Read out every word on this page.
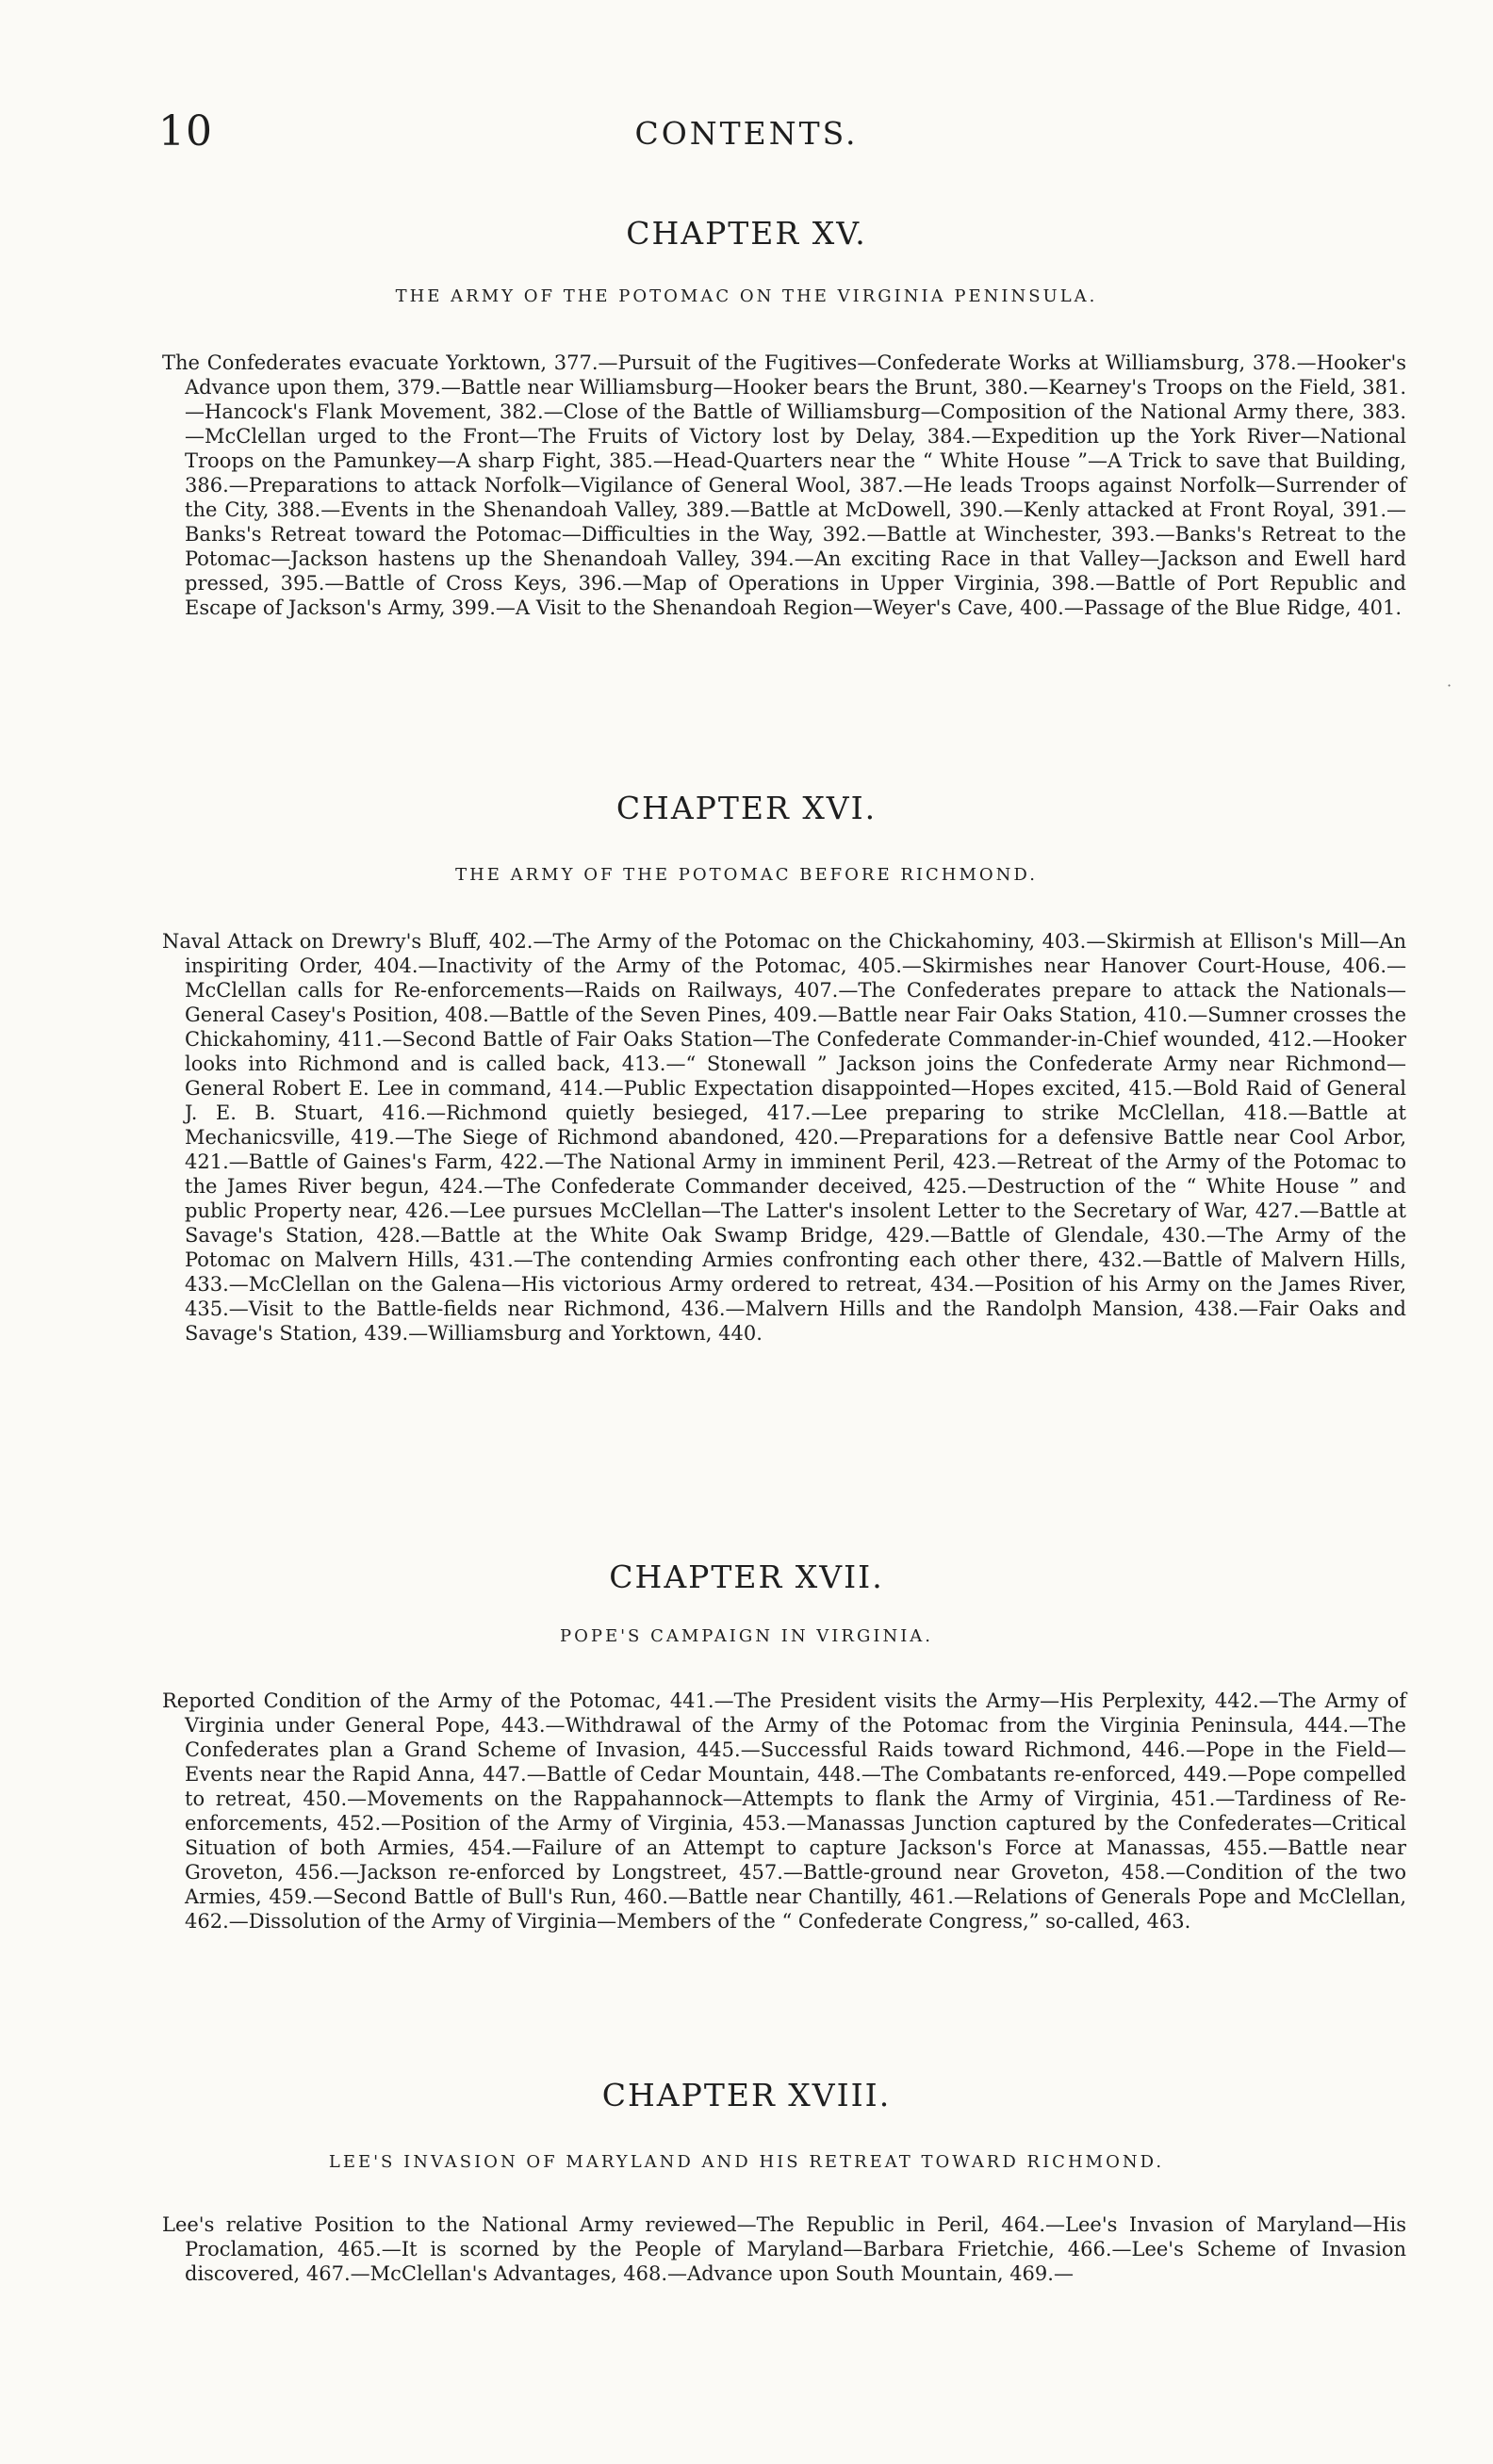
10	CONTENTS.
CHAPTER XV.
THE ARMY OF THE POTOMAC ON THE VIRGINIA PENINSULA.

The Confederates evacuate Yorktown, 377.—Pursuit of the Fugitives—Confederate Works at Williamsburg, 378.—Hooker's Advance upon them, 379.—Battle near Williamsburg—Hooker bears the Brunt, 380.—Kearney's Troops on the Field, 381.—Hancock's Flank Movement, 382.—Close of the Battle of Williamsburg—Composition of the National Army there, 383.—McClellan urged to the Front—The Fruits of Victory lost by Delay, 384.—Expedition up the York River—National Troops on the Pamunkey—A sharp Fight, 385.—Head-Quarters near the “ White House ”—A Trick to save that Building, 386.—Preparations to attack Norfolk—Vigilance of General Wool, 387.—He leads Troops against Norfolk—Surrender of the City, 388.—Events in the Shenandoah Valley, 389.—Battle at McDowell, 390.—Kenly attacked at Front Royal, 391.—Banks's Retreat toward the Potomac—Difficulties in the Way, 392.—Battle at Winchester, 393.—Banks's Retreat to the Potomac—Jackson hastens up the Shenandoah Valley, 394.—An exciting Race in that Valley—Jackson and Ewell hard pressed, 395.—Battle of Cross Keys, 396.—Map of Operations in Upper Virginia, 398.—Battle of Port Republic and Escape of Jackson's Army, 399.—A Visit to the Shenandoah Region—Weyer's Cave, 400.—Passage of the Blue Ridge, 401.

CHAPTER XVI.
THE ARMY OF THE POTOMAC BEFORE RICHMOND.

Naval Attack on Drewry's Bluff, 402.—The Army of the Potomac on the Chickahominy, 403.—Skirmish at Ellison's Mill—An inspiriting Order, 404.—Inactivity of the Army of the Potomac, 405.—Skirmishes near Hanover Court-House, 406.—McClellan calls for Re-enforcements—Raids on Railways, 407.—The Confederates prepare to attack the Nationals—General Casey's Position, 408.—Battle of the Seven Pines, 409.—Battle near Fair Oaks Station, 410.—Sumner crosses the Chickahominy, 411.—Second Battle of Fair Oaks Station—The Confederate Commander-in-Chief wounded, 412.—Hooker looks into Richmond and is called back, 413.—“ Stonewall ” Jackson joins the Confederate Army near Richmond—General Robert E. Lee in command, 414.—Public Expectation disappointed—Hopes excited, 415.—Bold Raid of General J. E. B. Stuart, 416.—Richmond quietly besieged, 417.—Lee preparing to strike McClellan, 418.—Battle at Mechanicsville, 419.—The Siege of Richmond abandoned, 420.—Preparations for a defensive Battle near Cool Arbor, 421.—Battle of Gaines's Farm, 422.—The National Army in imminent Peril, 423.—Retreat of the Army of the Potomac to the James River begun, 424.—The Confederate Commander deceived, 425.—Destruction of the “ White House ” and public Property near, 426.—Lee pursues McClellan—The Latter's insolent Letter to the Secretary of War, 427.—Battle at Savage's Station, 428.—Battle at the White Oak Swamp Bridge, 429.—Battle of Glendale, 430.—The Army of the Potomac on Malvern Hills, 431.—The contending Armies confronting each other there, 432.—Battle of Malvern Hills, 433.—McClellan on the Galena—His victorious Army ordered to retreat, 434.—Position of his Army on the James River, 435.—Visit to the Battle-fields near Richmond, 436.—Malvern Hills and the Randolph Mansion, 438.—Fair Oaks and Savage's Station, 439.—Williamsburg and Yorktown, 440.

CHAPTER XVII.
POPE'S CAMPAIGN IN VIRGINIA.

Reported Condition of the Army of the Potomac, 441.—The President visits the Army—His Perplexity, 442.—The Army of Virginia under General Pope, 443.—Withdrawal of the Army of the Potomac from the Virginia Peninsula, 444.—The Confederates plan a Grand Scheme of Invasion, 445.—Successful Raids toward Richmond, 446.—Pope in the Field—Events near the Rapid Anna, 447.—Battle of Cedar Mountain, 448.—The Combatants re-enforced, 449.—Pope compelled to retreat, 450.—Movements on the Rappahannock—Attempts to flank the Army of Virginia, 451.—Tardiness of Re-enforcements, 452.—Position of the Army of Virginia, 453.—Manassas Junction captured by the Confederates—Critical Situation of both Armies, 454.—Failure of an Attempt to capture Jackson's Force at Manassas, 455.—Battle near Groveton, 456.—Jackson re-enforced by Longstreet, 457.—Battle-ground near Groveton, 458.—Condition of the two Armies, 459.—Second Battle of Bull's Run, 460.—Battle near Chantilly, 461.—Relations of Generals Pope and McClellan, 462.—Dissolution of the Army of Virginia—Members of the “ Confederate Congress,” so-called, 463.

CHAPTER XVIII.
LEE'S INVASION OF MARYLAND AND HIS RETREAT TOWARD RICHMOND.

Lee's relative Position to the National Army reviewed—The Republic in Peril, 464.—Lee's Invasion of Maryland—His Proclamation, 465.—It is scorned by the People of Maryland—Barbara Frietchie, 466.—Lee's Scheme of Invasion discovered, 467.—McClellan's Advantages, 468.—Advance upon South Mountain, 469.—

·
